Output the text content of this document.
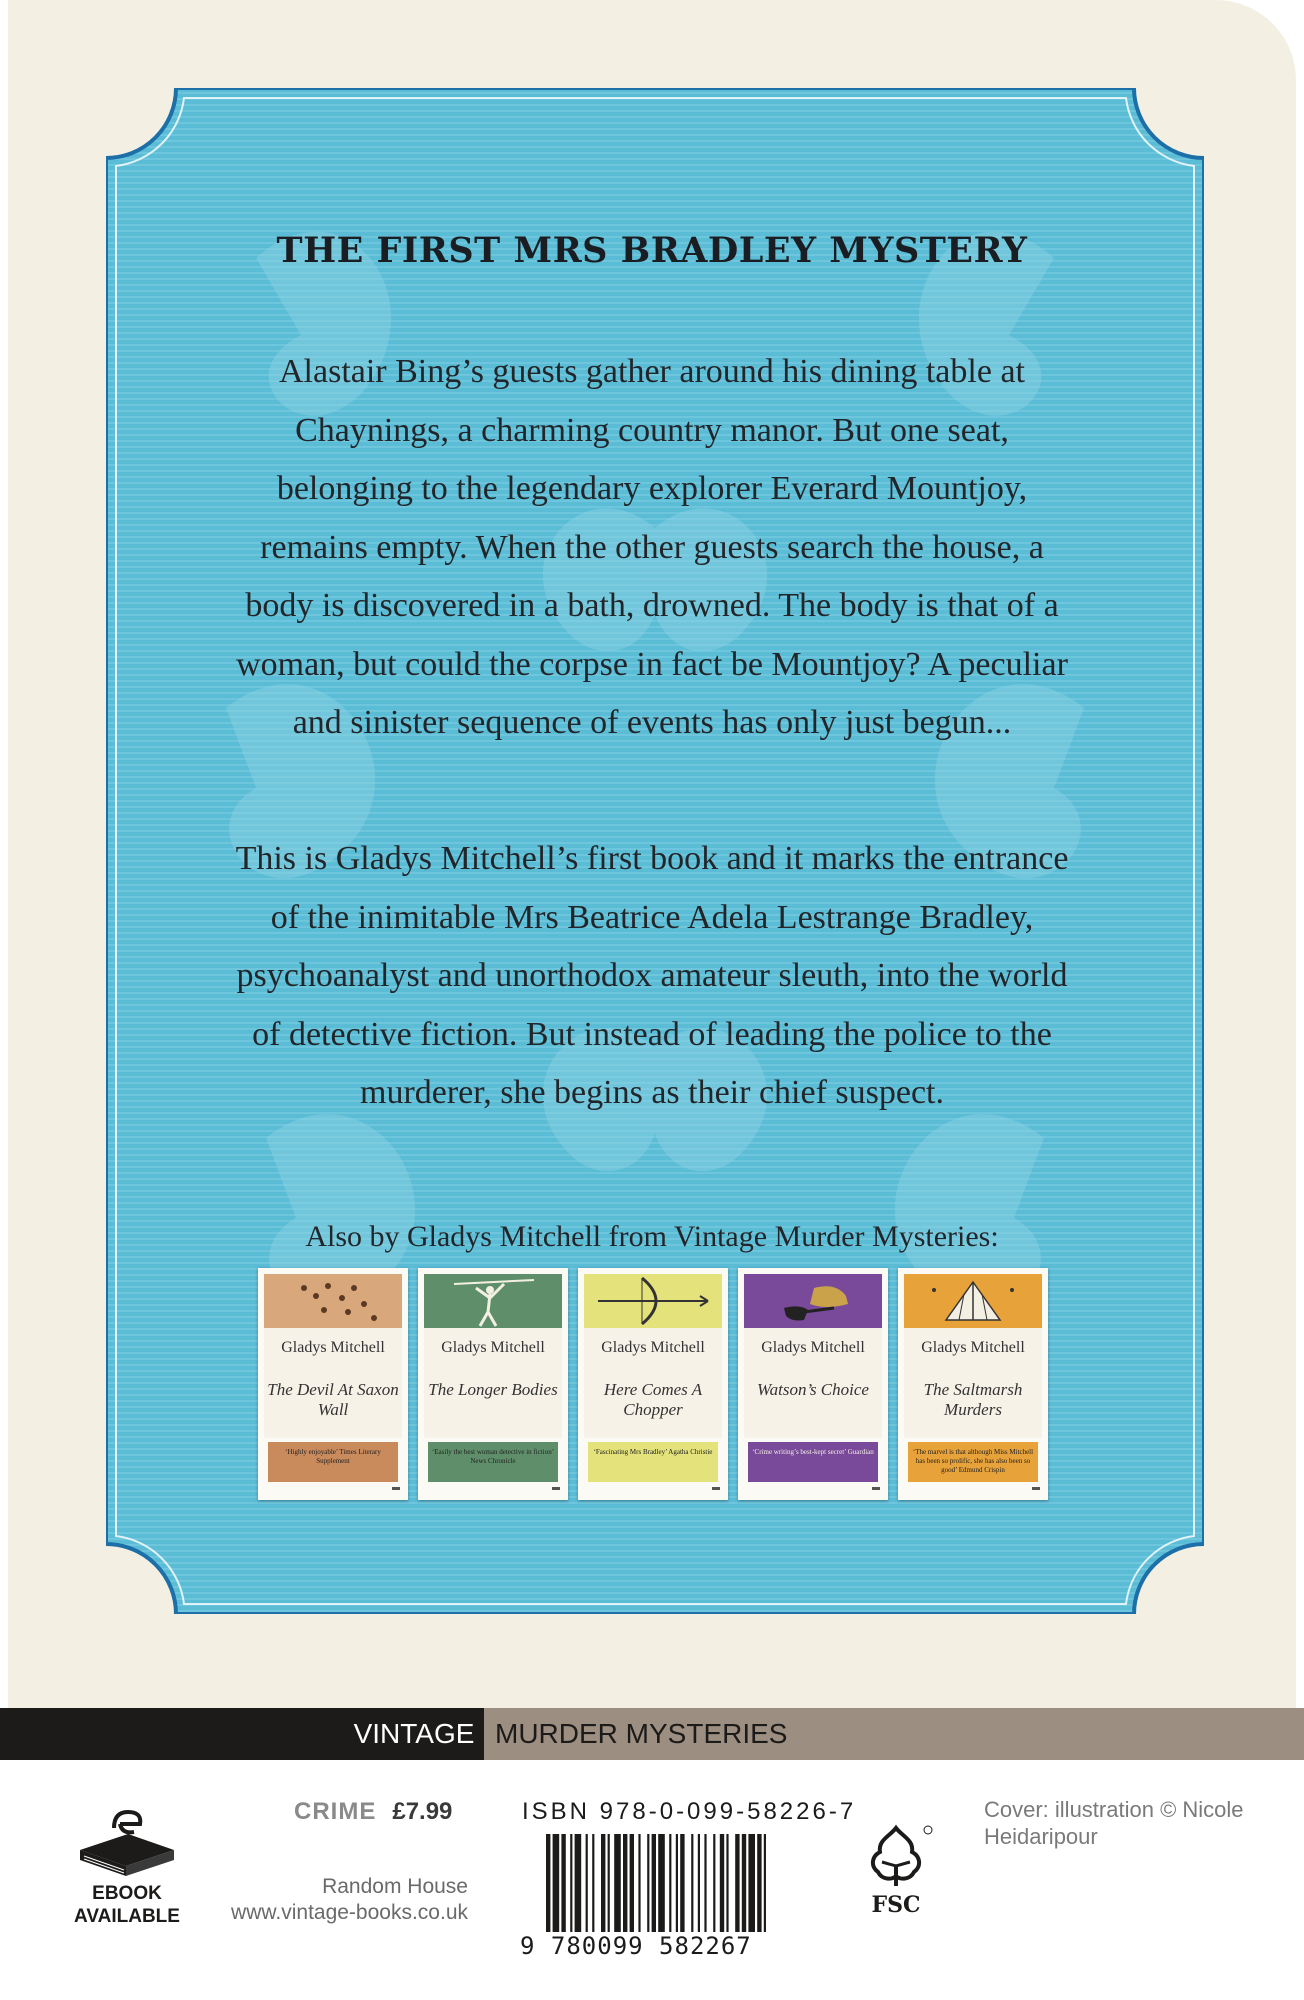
THE FIRST MRS BRADLEY MYSTERY

Alastair Bing’s guests gather around his dining table at Chaynings, a charming country manor. But one seat, belonging to the legendary explorer Everard Mountjoy, remains empty. When the other guests search the house, a body is discovered in a bath, drowned. The body is that of a woman, but could the corpse in fact be Mountjoy? A peculiar and sinister sequence of events has only just begun...

This is Gladys Mitchell’s first book and it marks the entrance of the inimitable Mrs Beatrice Adela Lestrange Bradley, psychoanalyst and unorthodox amateur sleuth, into the world of detective fiction. But instead of leading the police to the murderer, she begins as their chief suspect.

Also by Gladys Mitchell from Vintage Murder Mysteries:
Gladys Mitchell
The Devil At Saxon Wall
‘Highly enjoyable’ Times Literary Supplement
Gladys Mitchell
The Longer Bodies
‘Easily the best woman detective in fiction’ News Chronicle
Gladys Mitchell
Here Comes A Chopper
‘Fascinating Mrs Bradley’ Agatha Christie
Gladys Mitchell
Watson’s Choice
‘Crime writing’s best-kept secret’ Guardian
Gladys Mitchell
The Saltmarsh Murders
‘The marvel is that although Miss Mitchell has been so prolific, she has also been so good’ Edmund Crispin
VINTAGE MURDER MYSTERIES
EBOOK AVAILABLE
CRIME £7.99
Random House
www.vintage-books.co.uk
ISBN 978-0-099-58226-7
9 780099 582267
FSC
Cover: illustration © Nicole Heidaripour
